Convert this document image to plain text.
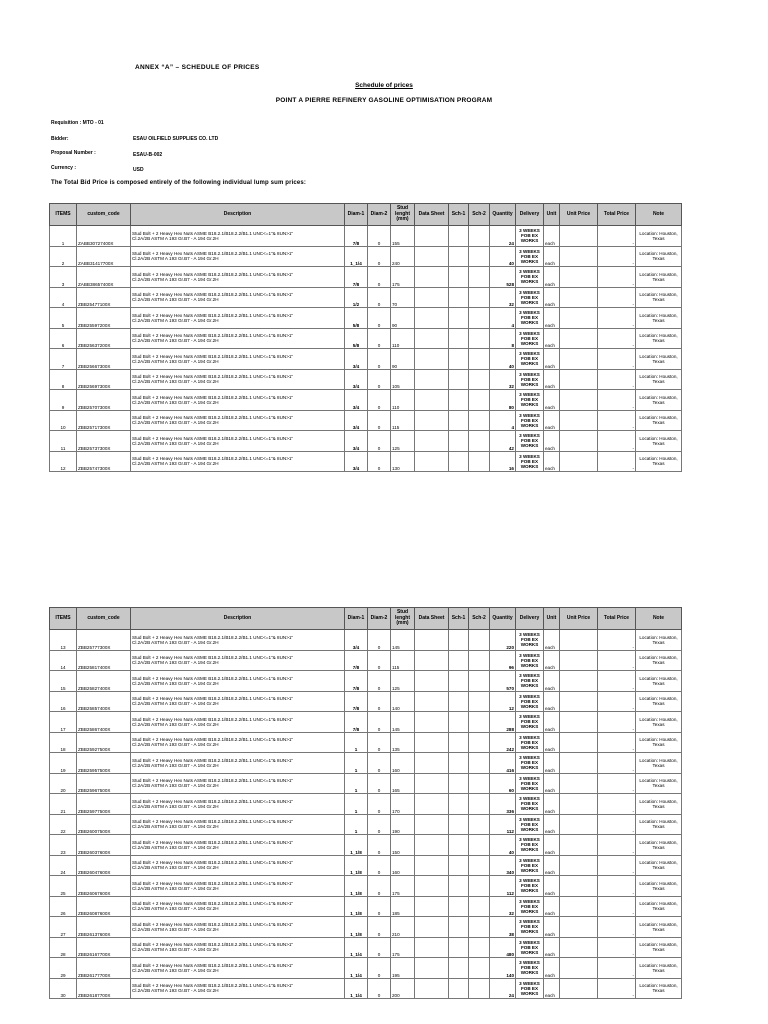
ANNEX “A” – SCHEDULE OF PRICES
Schedule of prices
POINT A PIERRE REFINERY GASOLINE OPTIMISATION PROGRAM
Requisition : MTO - 01
Bidder:	ESAU OILFIELD SUPPLIES CO. LTD
Proposal Number :	ESAU-B-002
Currency :	USD
The Total Bid Price is composed entirely of the following individual lump sum prices:
ITEMS	custom_code	Description	Diam-1	Diam-2	Stud lenght (mm)	Data Sheet	Sch-1	Sch-2	Quantity	Delivery	Unit	Unit Price	Total Price	Note
1	ZABB30727400X	Stud Bolt + 2 Heavy Hex Nuts ASME B18.2.1/B18.2.2/B1.1 UNC<=1"& 8UN>1"
Cl.2A/2B ASTM A 193 Gr.B7 - A 194 Gr.2H	7/8	0	155				24	3 WEEKS FOB EX WORKS	each		-	Location: Houston, Texas
2	ZABB31417700X	Stud Bolt + 2 Heavy Hex Nuts ASME B18.2.1/B18.2.2/B1.1 UNC<=1"& 8UN>1"
Cl.2A/2B ASTM A 193 Gr.B7 - A 194 Gr.2H	1_1/4	0	240				40	3 WEEKS FOB EX WORKS	each		-	Location: Houston, Texas
3	ZABB38657400X	Stud Bolt + 2 Heavy Hex Nuts ASME B18.2.1/B18.2.2/B1.1 UNC<=1"& 8UN>1"
Cl.2A/2B ASTM A 193 Gr.B7 - A 194 Gr.2H	7/8	0	175				528	3 WEEKS FOB EX WORKS	each		-	Location: Houston, Texas
4	ZBB25477100X	Stud Bolt + 2 Heavy Hex Nuts ASME B18.2.1/B18.2.2/B1.1 UNC<=1"& 8UN>1"
Cl.2A/2B ASTM A 193 Gr.B7 - A 194 Gr.2H	1/2	0	70				32	3 WEEKS FOB EX WORKS	each		-	Location: Houston, Texas
5	ZBB25597200X	Stud Bolt + 2 Heavy Hex Nuts ASME B18.2.1/B18.2.2/B1.1 UNC<=1"& 8UN>1"
Cl.2A/2B ASTM A 193 Gr.B7 - A 194 Gr.2H	5/8	0	90				4	3 WEEKS FOB EX WORKS	each		-	Location: Houston, Texas
6	ZBB25637200X	Stud Bolt + 2 Heavy Hex Nuts ASME B18.2.1/B18.2.2/B1.1 UNC<=1"& 8UN>1"
Cl.2A/2B ASTM A 193 Gr.B7 - A 194 Gr.2H	5/8	0	110				8	3 WEEKS FOB EX WORKS	each		-	Location: Houston, Texas
7	ZBB25667300X	Stud Bolt + 2 Heavy Hex Nuts ASME B18.2.1/B18.2.2/B1.1 UNC<=1"& 8UN>1"
Cl.2A/2B ASTM A 193 Gr.B7 - A 194 Gr.2H	3/4	0	90				40	3 WEEKS FOB EX WORKS	each		-	Location: Houston, Texas
8	ZBB25697300X	Stud Bolt + 2 Heavy Hex Nuts ASME B18.2.1/B18.2.2/B1.1 UNC<=1"& 8UN>1"
Cl.2A/2B ASTM A 193 Gr.B7 - A 194 Gr.2H	3/4	0	105				32	3 WEEKS FOB EX WORKS	each		-	Location: Houston, Texas
9	ZBB25707300X	Stud Bolt + 2 Heavy Hex Nuts ASME B18.2.1/B18.2.2/B1.1 UNC<=1"& 8UN>1"
Cl.2A/2B ASTM A 193 Gr.B7 - A 194 Gr.2H	3/4	0	110				80	3 WEEKS FOB EX WORKS	each		-	Location: Houston, Texas
10	ZBB25717300X	Stud Bolt + 2 Heavy Hex Nuts ASME B18.2.1/B18.2.2/B1.1 UNC<=1"& 8UN>1"
Cl.2A/2B ASTM A 193 Gr.B7 - A 194 Gr.2H	3/4	0	115				4	3 WEEKS FOB EX WORKS	each		-	Location: Houston, Texas
11	ZBB25737300X	Stud Bolt + 2 Heavy Hex Nuts ASME B18.2.1/B18.2.2/B1.1 UNC<=1"& 8UN>1"
Cl.2A/2B ASTM A 193 Gr.B7 - A 194 Gr.2H	3/4	0	125				42	3 WEEKS FOB EX WORKS	each		-	Location: Houston, Texas
12	ZBB25747300X	Stud Bolt + 2 Heavy Hex Nuts ASME B18.2.1/B18.2.2/B1.1 UNC<=1"& 8UN>1"
Cl.2A/2B ASTM A 193 Gr.B7 - A 194 Gr.2H	3/4	0	130				16	3 WEEKS FOB EX WORKS	each		-	Location: Houston, Texas
ITEMS	custom_code	Description	Diam-1	Diam-2	Stud lenght (mm)	Data Sheet	Sch-1	Sch-2	Quantity	Delivery	Unit	Unit Price	Total Price	Note
13	ZBB25777300X	Stud Bolt + 2 Heavy Hex Nuts ASME B18.2.1/B18.2.2/B1.1 UNC<=1"& 8UN>1"
Cl.2A/2B ASTM A 193 Gr.B7 - A 194 Gr.2H	3/4	0	145				220	3 WEEKS FOB EX WORKS	each		-	Location: Houston, Texas
14	ZBB25817400X	Stud Bolt + 2 Heavy Hex Nuts ASME B18.2.1/B18.2.2/B1.1 UNC<=1"& 8UN>1"
Cl.2A/2B ASTM A 193 Gr.B7 - A 194 Gr.2H	7/8	0	115				96	3 WEEKS FOB EX WORKS	each		-	Location: Houston, Texas
15	ZBB25827400X	Stud Bolt + 2 Heavy Hex Nuts ASME B18.2.1/B18.2.2/B1.1 UNC<=1"& 8UN>1"
Cl.2A/2B ASTM A 193 Gr.B7 - A 194 Gr.2H	7/8	0	125				570	3 WEEKS FOB EX WORKS	each		-	Location: Houston, Texas
16	ZBB25857400X	Stud Bolt + 2 Heavy Hex Nuts ASME B18.2.1/B18.2.2/B1.1 UNC<=1"& 8UN>1"
Cl.2A/2B ASTM A 193 Gr.B7 - A 194 Gr.2H	7/8	0	140				12	3 WEEKS FOB EX WORKS	each		-	Location: Houston, Texas
17	ZBB25867400X	Stud Bolt + 2 Heavy Hex Nuts ASME B18.2.1/B18.2.2/B1.1 UNC<=1"& 8UN>1"
Cl.2A/2B ASTM A 193 Gr.B7 - A 194 Gr.2H	7/8	0	145				288	3 WEEKS FOB EX WORKS	each		-	Location: Houston, Texas
18	ZBB25927500X	Stud Bolt + 2 Heavy Hex Nuts ASME B18.2.1/B18.2.2/B1.1 UNC<=1"& 8UN>1"
Cl.2A/2B ASTM A 193 Gr.B7 - A 194 Gr.2H	1	0	135				242	3 WEEKS FOB EX WORKS	each		-	Location: Houston, Texas
19	ZBB25957500X	Stud Bolt + 2 Heavy Hex Nuts ASME B18.2.1/B18.2.2/B1.1 UNC<=1"& 8UN>1"
Cl.2A/2B ASTM A 193 Gr.B7 - A 194 Gr.2H	1	0	160				416	3 WEEKS FOB EX WORKS	each		-	Location: Houston, Texas
20	ZBB25967500X	Stud Bolt + 2 Heavy Hex Nuts ASME B18.2.1/B18.2.2/B1.1 UNC<=1"& 8UN>1"
Cl.2A/2B ASTM A 193 Gr.B7 - A 194 Gr.2H	1	0	165				60	3 WEEKS FOB EX WORKS	each		-	Location: Houston, Texas
21	ZBB25977500X	Stud Bolt + 2 Heavy Hex Nuts ASME B18.2.1/B18.2.2/B1.1 UNC<=1"& 8UN>1"
Cl.2A/2B ASTM A 193 Gr.B7 - A 194 Gr.2H	1	0	170				336	3 WEEKS FOB EX WORKS	each		-	Location: Houston, Texas
22	ZBB26007500X	Stud Bolt + 2 Heavy Hex Nuts ASME B18.2.1/B18.2.2/B1.1 UNC<=1"& 8UN>1"
Cl.2A/2B ASTM A 193 Gr.B7 - A 194 Gr.2H	1	0	190				112	3 WEEKS FOB EX WORKS	each		-	Location: Houston, Texas
23	ZBB26037600X	Stud Bolt + 2 Heavy Hex Nuts ASME B18.2.1/B18.2.2/B1.1 UNC<=1"& 8UN>1"
Cl.2A/2B ASTM A 193 Gr.B7 - A 194 Gr.2H	1_1/8	0	150				40	3 WEEKS FOB EX WORKS	each		-	Location: Houston, Texas
24	ZBB26047600X	Stud Bolt + 2 Heavy Hex Nuts ASME B18.2.1/B18.2.2/B1.1 UNC<=1"& 8UN>1"
Cl.2A/2B ASTM A 193 Gr.B7 - A 194 Gr.2H	1_1/8	0	160				340	3 WEEKS FOB EX WORKS	each		-	Location: Houston, Texas
25	ZBB26067600X	Stud Bolt + 2 Heavy Hex Nuts ASME B18.2.1/B18.2.2/B1.1 UNC<=1"& 8UN>1"
Cl.2A/2B ASTM A 193 Gr.B7 - A 194 Gr.2H	1_1/8	0	175				112	3 WEEKS FOB EX WORKS	each		-	Location: Houston, Texas
26	ZBB26087600X	Stud Bolt + 2 Heavy Hex Nuts ASME B18.2.1/B18.2.2/B1.1 UNC<=1"& 8UN>1"
Cl.2A/2B ASTM A 193 Gr.B7 - A 194 Gr.2H	1_1/8	0	185				32	3 WEEKS FOB EX WORKS	each		-	Location: Houston, Texas
27	ZBB26137600X	Stud Bolt + 2 Heavy Hex Nuts ASME B18.2.1/B18.2.2/B1.1 UNC<=1"& 8UN>1"
Cl.2A/2B ASTM A 193 Gr.B7 - A 194 Gr.2H	1_1/8	0	210				38	3 WEEKS FOB EX WORKS	each		-	Location: Houston, Texas
28	ZBB26167700X	Stud Bolt + 2 Heavy Hex Nuts ASME B18.2.1/B18.2.2/B1.1 UNC<=1"& 8UN>1"
Cl.2A/2B ASTM A 193 Gr.B7 - A 194 Gr.2H	1_1/4	0	175				480	3 WEEKS FOB EX WORKS	each		-	Location: Houston, Texas
29	ZBB26177700X	Stud Bolt + 2 Heavy Hex Nuts ASME B18.2.1/B18.2.2/B1.1 UNC<=1"& 8UN>1"
Cl.2A/2B ASTM A 193 Gr.B7 - A 194 Gr.2H	1_1/4	0	195				140	3 WEEKS FOB EX WORKS	each		-	Location: Houston, Texas
30	ZBB26187700X	Stud Bolt + 2 Heavy Hex Nuts ASME B18.2.1/B18.2.2/B1.1 UNC<=1"& 8UN>1"
Cl.2A/2B ASTM A 193 Gr.B7 - A 194 Gr.2H	1_1/4	0	200				24	3 WEEKS FOB EX WORKS	each		-	Location: Houston, Texas
